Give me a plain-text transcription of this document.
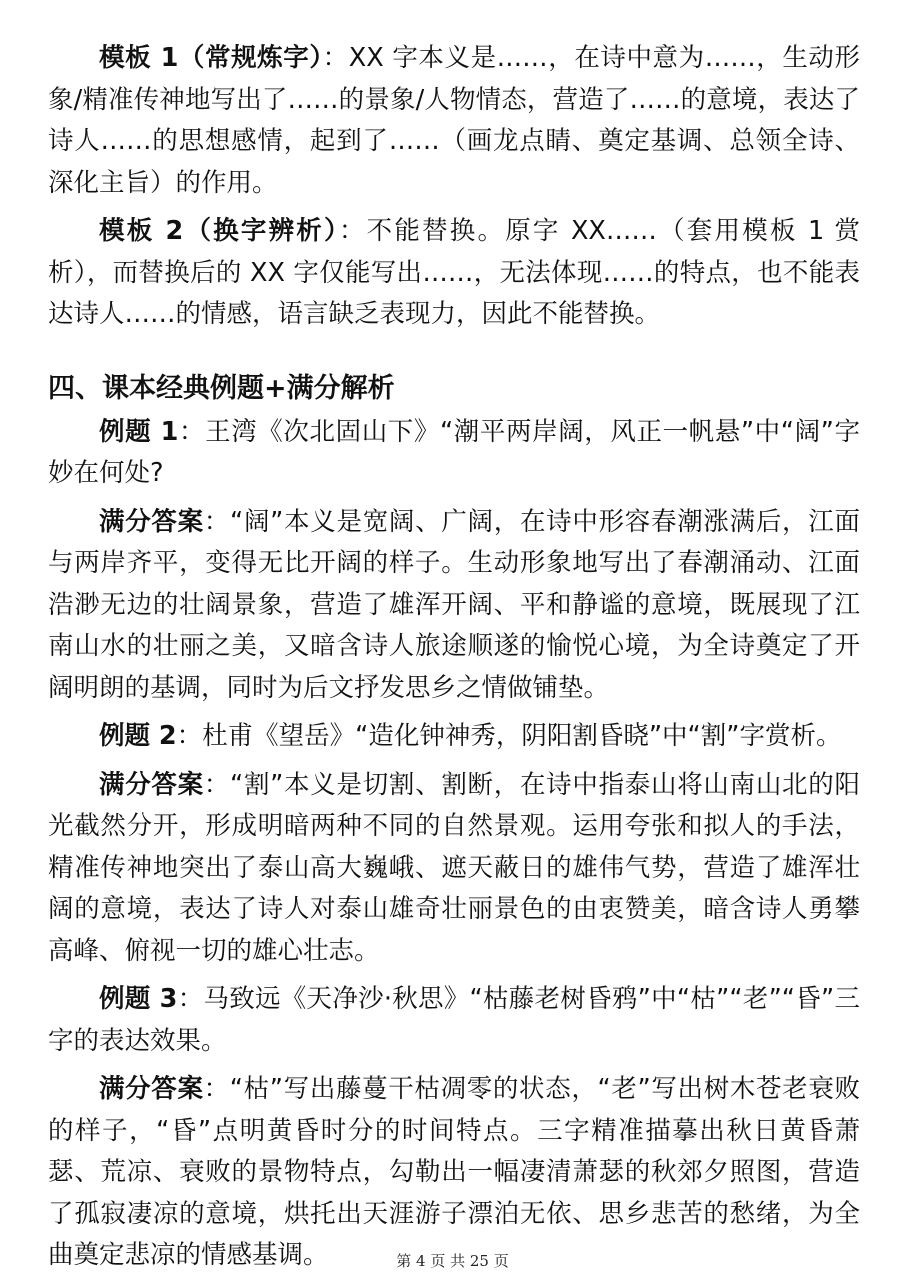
模板 1（常规炼字）：XX 字本义是……，在诗中意为……，生动形象/精准传神地写出了……的景象/人物情态，营造了……的意境，表达了诗人……的思想感情，起到了……（画龙点睛、奠定基调、总领全诗、深化主旨）的作用。

模板 2（换字辨析）：不能替换。原字 XX……（套用模板 1 赏析），而替换后的 XX 字仅能写出……，无法体现……的特点，也不能表达诗人……的情感，语言缺乏表现力，因此不能替换。

四、课本经典例题+满分解析

例题 1：王湾《次北固山下》“潮平两岸阔，风正一帆悬”中“阔”字妙在何处?

满分答案：“阔”本义是宽阔、广阔，在诗中形容春潮涨满后，江面与两岸齐平，变得无比开阔的样子。生动形象地写出了春潮涌动、江面浩渺无边的壮阔景象，营造了雄浑开阔、平和静谧的意境，既展现了江南山水的壮丽之美，又暗含诗人旅途顺遂的愉悦心境，为全诗奠定了开阔明朗的基调，同时为后文抒发思乡之情做铺垫。

例题 2：杜甫《望岳》“造化钟神秀，阴阳割昏晓”中“割”字赏析。

满分答案：“割”本义是切割、割断，在诗中指泰山将山南山北的阳光截然分开，形成明暗两种不同的自然景观。运用夸张和拟人的手法，精准传神地突出了泰山高大巍峨、遮天蔽日的雄伟气势，营造了雄浑壮阔的意境，表达了诗人对泰山雄奇壮丽景色的由衷赞美，暗含诗人勇攀高峰、俯视一切的雄心壮志。

例题 3：马致远《天净沙·秋思》“枯藤老树昏鸦”中“枯”“老”“昏”三字的表达效果。

满分答案：“枯”写出藤蔓干枯凋零的状态，“老”写出树木苍老衰败的样子，“昏”点明黄昏时分的时间特点。三字精准描摹出秋日黄昏萧瑟、荒凉、衰败的景物特点，勾勒出一幅凄清萧瑟的秋郊夕照图，营造了孤寂凄凉的意境，烘托出天涯游子漂泊无依、思乡悲苦的愁绪，为全曲奠定悲凉的情感基调。	第 4 页 共 25 页
